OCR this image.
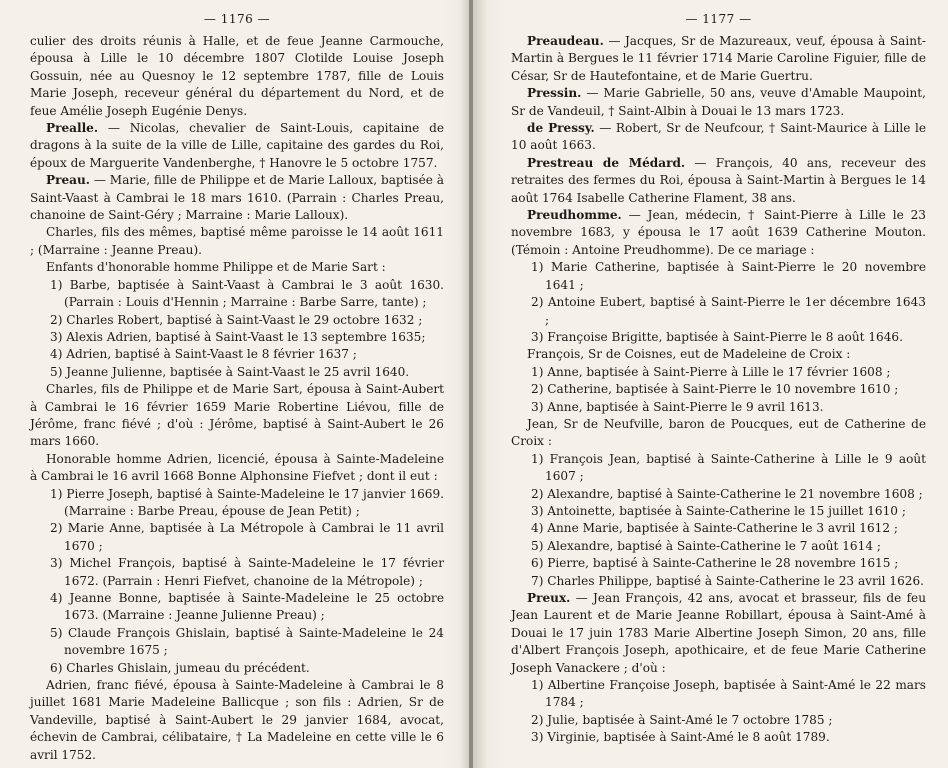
— 1176 —

culier des droits réunis à Halle, et de feue Jeanne Carmouche, épousa à Lille le 10 décembre 1807 Clotilde Louise Joseph Gossuin, née au Quesnoy le 12 septembre 1787, fille de Louis Marie Joseph, receveur général du département du Nord, et de feue Amélie Joseph Eugénie Denys.

Prealle. — Nicolas, chevalier de Saint-Louis, capitaine de dragons à la suite de la ville de Lille, capitaine des gardes du Roi, époux de Marguerite Vandenberghe, † Hanovre le 5 octobre 1757.

Preau. — Marie, fille de Philippe et de Marie Lalloux, baptisée à Saint-Vaast à Cambrai le 18 mars 1610. (Parrain : Charles Preau, chanoine de Saint-Géry ; Marraine : Marie Lalloux).

Charles, fils des mêmes, baptisé même paroisse le 14 août 1611 ; (Marraine : Jeanne Preau).

Enfants d'honorable homme Philippe et de Marie Sart :

1) Barbe, baptisée à Saint-Vaast à Cambrai le 3 août 1630. (Parrain : Louis d'Hennin ; Marraine : Barbe Sarre, tante) ;

2) Charles Robert, baptisé à Saint-Vaast le 29 octobre 1632 ;

3) Alexis Adrien, baptisé à Saint-Vaast le 13 septembre 1635;

4) Adrien, baptisé à Saint-Vaast le 8 février 1637 ;

5) Jeanne Julienne, baptisée à Saint-Vaast le 25 avril 1640.

Charles, fils de Philippe et de Marie Sart, épousa à Saint-Aubert à Cambrai le 16 février 1659 Marie Robertine Liévou, fille de Jérôme, franc fiévé ; d'où : Jérôme, baptisé à Saint-Aubert le 26 mars 1660.

Honorable homme Adrien, licencié, épousa à Sainte-Madeleine à Cambrai le 16 avril 1668 Bonne Alphonsine Fiefvet ; dont il eut :

1) Pierre Joseph, baptisé à Sainte-Madeleine le 17 janvier 1669. (Marraine : Barbe Preau, épouse de Jean Petit) ;

2) Marie Anne, baptisée à La Métropole à Cambrai le 11 avril 1670 ;

3) Michel François, baptisé à Sainte-Madeleine le 17 février 1672. (Parrain : Henri Fiefvet, chanoine de la Métropole) ;

4) Jeanne Bonne, baptisée à Sainte-Madeleine le 25 octobre 1673. (Marraine : Jeanne Julienne Preau) ;

5) Claude François Ghislain, baptisé à Sainte-Madeleine le 24 novembre 1675 ;

6) Charles Ghislain, jumeau du précédent.

Adrien, franc fiévé, épousa à Sainte-Madeleine à Cambrai le 8 juillet 1681 Marie Madeleine Ballicque ; son fils : Adrien, Sr de Vandeville, baptisé à Saint-Aubert le 29 janvier 1684, avocat, échevin de Cambrai, célibataire, † La Madeleine en cette ville le 6 avril 1752.

— 1177 —

Preaudeau. — Jacques, Sr de Mazureaux, veuf, épousa à Saint-Martin à Bergues le 11 février 1714 Marie Caroline Figuier, fille de César, Sr de Hautefontaine, et de Marie Guertru.

Pressin. — Marie Gabrielle, 50 ans, veuve d'Amable Maupoint, Sr de Vandeuil, † Saint-Albin à Douai le 13 mars 1723.

de Pressy. — Robert, Sr de Neufcour, † Saint-Maurice à Lille le 10 août 1663.

Prestreau de Médard. — François, 40 ans, receveur des retraites des fermes du Roi, épousa à Saint-Martin à Bergues le 14 août 1764 Isabelle Catherine Flament, 38 ans.

Preudhomme. — Jean, médecin, † Saint-Pierre à Lille le 23 novembre 1683, y épousa le 17 août 1639 Catherine Mouton. (Témoin : Antoine Preudhomme). De ce mariage :

1) Marie Catherine, baptisée à Saint-Pierre le 20 novembre 1641 ;

2) Antoine Eubert, baptisé à Saint-Pierre le 1er décembre 1643 ;

3) Françoise Brigitte, baptisée à Saint-Pierre le 8 août 1646.

François, Sr de Coisnes, eut de Madeleine de Croix :

1) Anne, baptisée à Saint-Pierre à Lille le 17 février 1608 ;

2) Catherine, baptisée à Saint-Pierre le 10 novembre 1610 ;

3) Anne, baptisée à Saint-Pierre le 9 avril 1613.

Jean, Sr de Neufville, baron de Poucques, eut de Catherine de Croix :

1) François Jean, baptisé à Sainte-Catherine à Lille le 9 août 1607 ;

2) Alexandre, baptisé à Sainte-Catherine le 21 novembre 1608 ;

3) Antoinette, baptisée à Sainte-Catherine le 15 juillet 1610 ;

4) Anne Marie, baptisée à Sainte-Catherine le 3 avril 1612 ;

5) Alexandre, baptisé à Sainte-Catherine le 7 août 1614 ;

6) Pierre, baptisé à Sainte-Catherine le 28 novembre 1615 ;

7) Charles Philippe, baptisé à Sainte-Catherine le 23 avril 1626.

Preux. — Jean François, 42 ans, avocat et brasseur, fils de feu Jean Laurent et de Marie Jeanne Robillart, épousa à Saint-Amé à Douai le 17 juin 1783 Marie Albertine Joseph Simon, 20 ans, fille d'Albert François Joseph, apothicaire, et de feue Marie Catherine Joseph Vanackere ; d'où :

1) Albertine Françoise Joseph, baptisée à Saint-Amé le 22 mars 1784 ;

2) Julie, baptisée à Saint-Amé le 7 octobre 1785 ;

3) Virginie, baptisée à Saint-Amé le 8 août 1789.
